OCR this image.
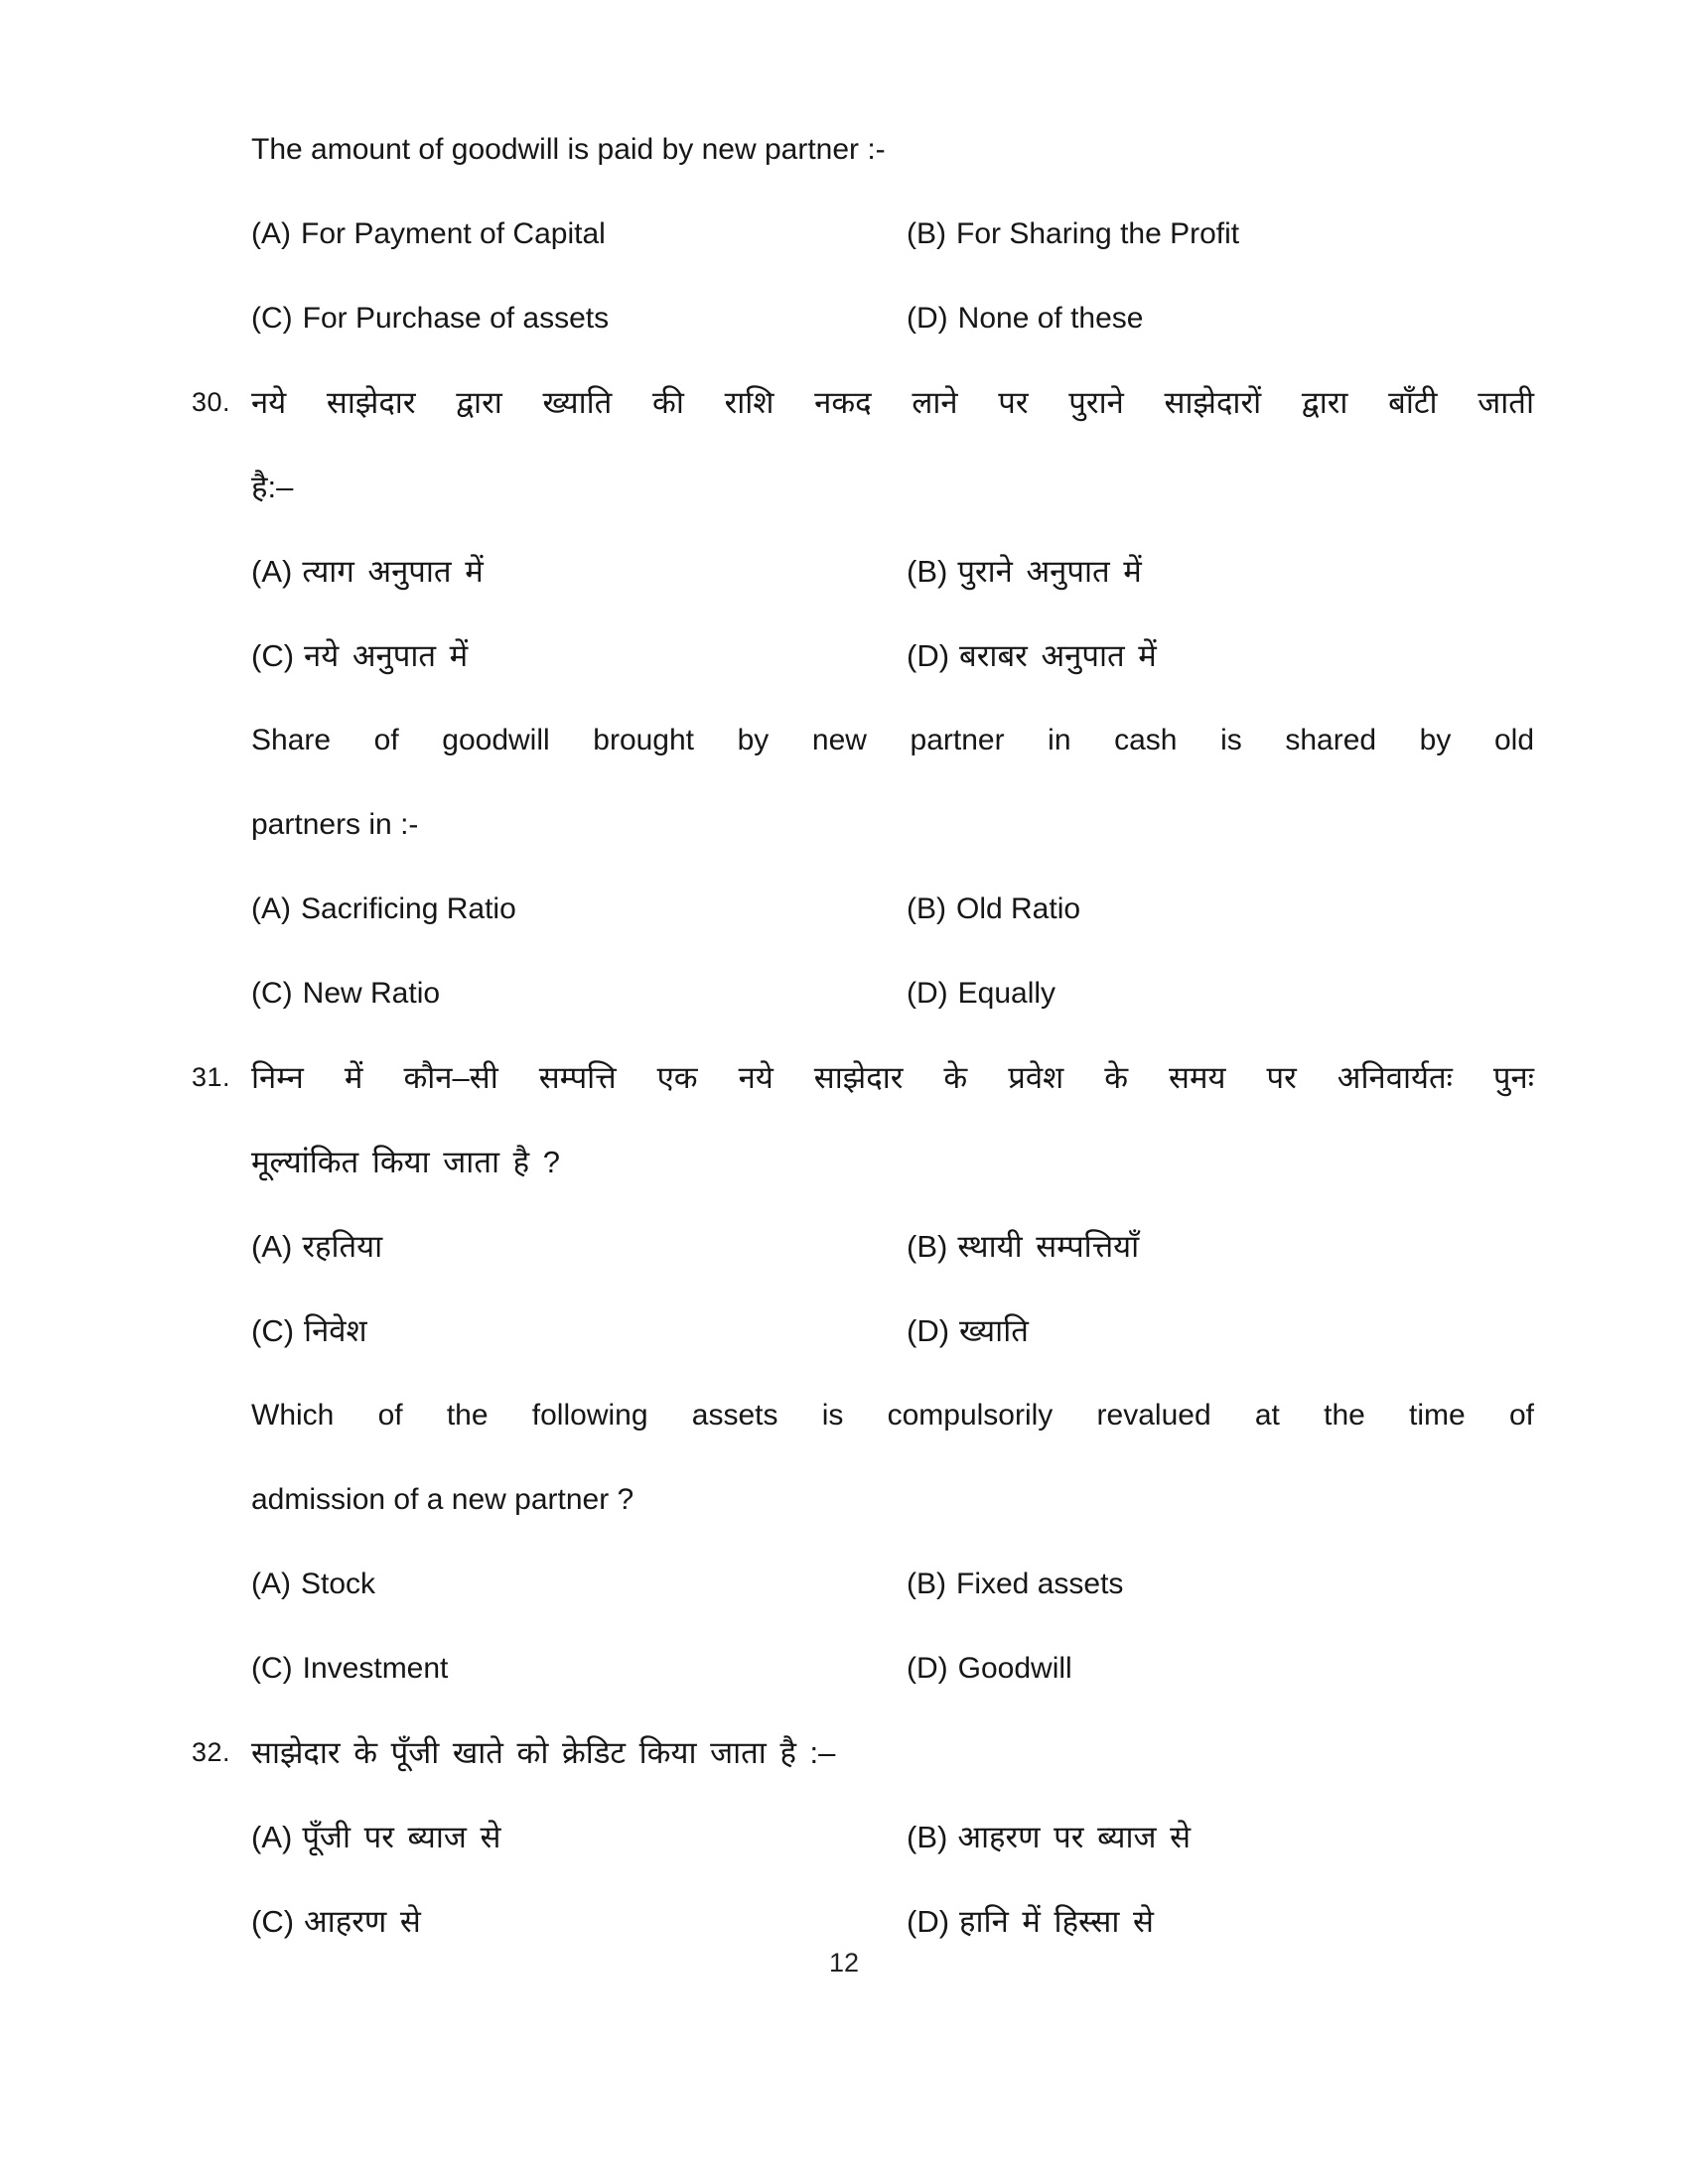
The amount of goodwill is paid by new partner :-
(A) For Payment of Capital	(B) For Sharing the Profit
(C) For Purchase of assets	(D) None of these
30. नये साझेदार द्वारा ख्याति की राशि नकद लाने पर पुराने साझेदारों द्वारा बाँटी जाती
है:–
(A) त्याग अनुपात में	(B) पुराने अनुपात में
(C) नये अनुपात में	(D) बराबर अनुपात में
Share of goodwill brought by new partner in cash is shared by old
partners in :-
(A) Sacrificing Ratio	(B) Old Ratio
(C) New Ratio	(D) Equally
31. निम्न में कौन–सी सम्पत्ति एक नये साझेदार के प्रवेश के समय पर अनिवार्यतः पुनः
मूल्यांकित किया जाता है ?
(A) रहतिया	(B) स्थायी सम्पत्तियाँ
(C) निवेश	(D) ख्याति
Which of the following assets is compulsorily revalued at the time of
admission of a new partner ?
(A) Stock	(B) Fixed assets
(C) Investment	(D) Goodwill
32. साझेदार के पूँजी खाते को क्रेडिट किया जाता है :–
(A) पूँजी पर ब्याज से	(B) आहरण पर ब्याज से
(C) आहरण से	(D) हानि में हिस्सा से
12
